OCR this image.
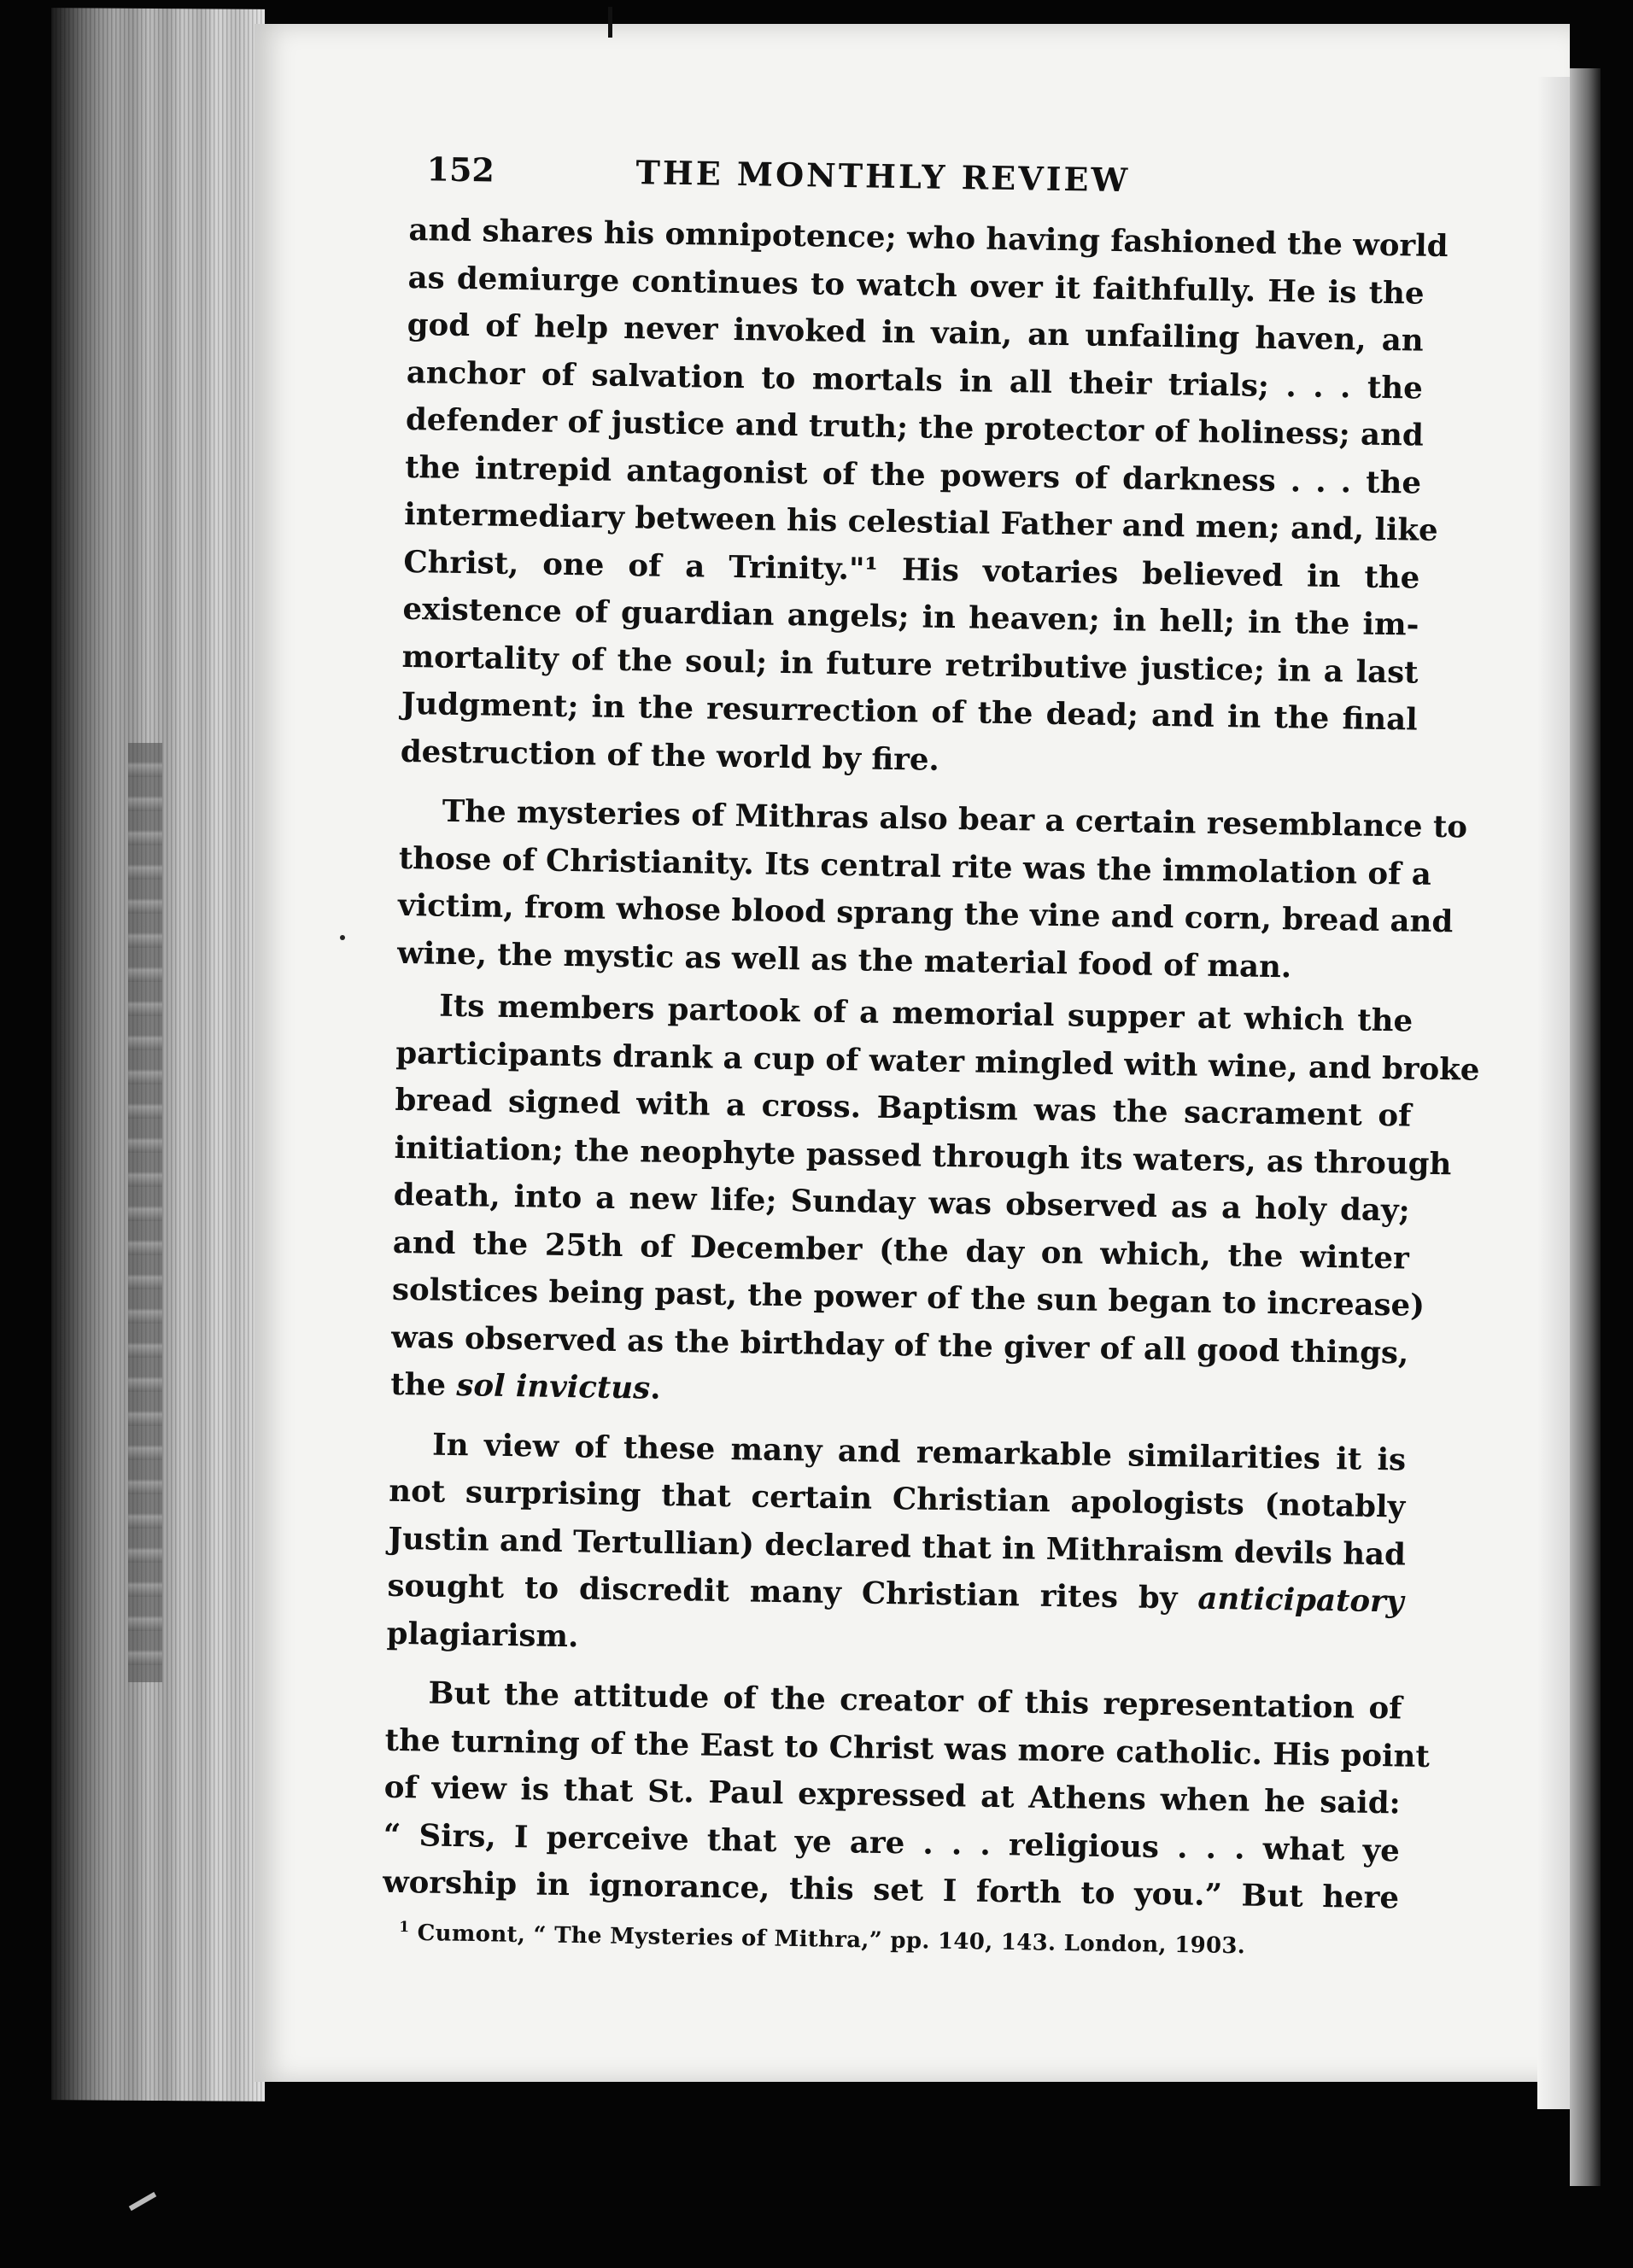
152	THE MONTHLY REVIEW

and shares his omnipotence; who having fashioned the world
as demiurge continues to watch over it faithfully. He is the
god of help never invoked in vain, an unfailing haven, an
anchor of salvation to mortals in all their trials; . . . the
defender of justice and truth; the protector of holiness; and
the intrepid antagonist of the powers of darkness . . . the
intermediary between his celestial Father and men; and, like
Christ, one of a Trinity."¹ His votaries believed in the
existence of guardian angels; in heaven; in hell; in the im-
mortality of the soul; in future retributive justice; in a last
Judgment; in the resurrection of the dead; and in the final
destruction of the world by fire.

The mysteries of Mithras also bear a certain resemblance to
those of Christianity. Its central rite was the immolation of a
victim, from whose blood sprang the vine and corn, bread and
wine, the mystic as well as the material food of man.

Its members partook of a memorial supper at which the
participants drank a cup of water mingled with wine, and broke
bread signed with a cross. Baptism was the sacrament of
initiation; the neophyte passed through its waters, as through
death, into a new life; Sunday was observed as a holy day;
and the 25th of December (the day on which, the winter
solstices being past, the power of the sun began to increase)
was observed as the birthday of the giver of all good things,
the sol invictus.

In view of these many and remarkable similarities it is
not surprising that certain Christian apologists (notably
Justin and Tertullian) declared that in Mithraism devils had
sought to discredit many Christian rites by anticipatory
plagiarism.

But the attitude of the creator of this representation of
the turning of the East to Christ was more catholic. His point
of view is that St. Paul expressed at Athens when he said:
“ Sirs, I perceive that ye are . . . religious . . . what ye
worship in ignorance, this set I forth to you.” But here

$^1$ Cumont, “ The Mysteries of Mithra,” pp. 140, 143. London, 1903.
